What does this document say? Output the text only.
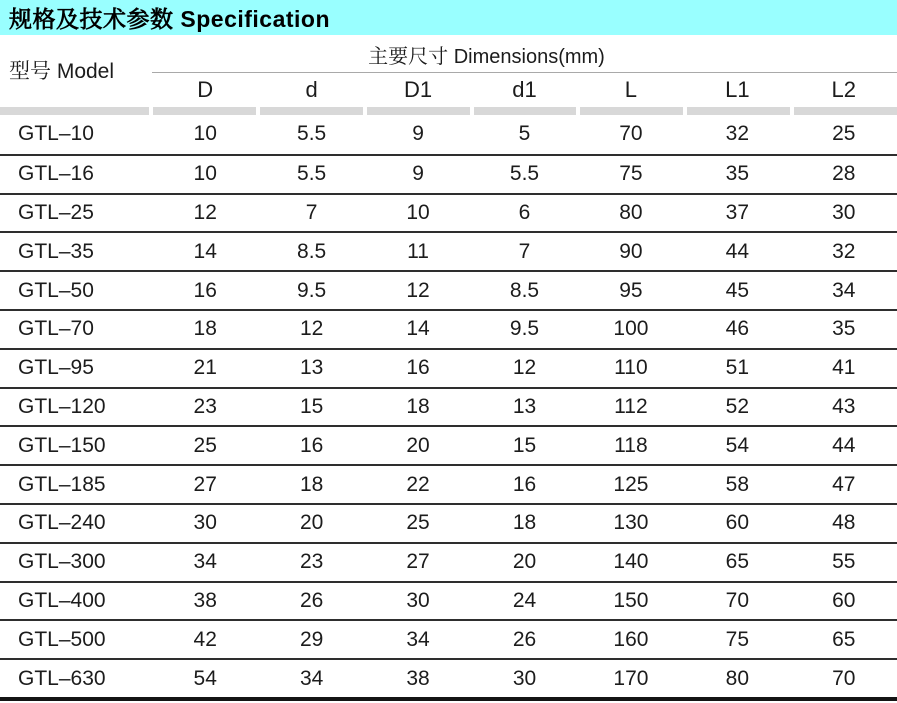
规格及技术参数 Specification
型号 Model
主要尺寸 Dimensions(mm)
D	d	D1	d1	L	L1	L2
GTL–10	10	5.5	9	5	70	32	25
GTL–16	10	5.5	9	5.5	75	35	28
GTL–25	12	7	10	6	80	37	30
GTL–35	14	8.5	11	7	90	44	32
GTL–50	16	9.5	12	8.5	95	45	34
GTL–70	18	12	14	9.5	100	46	35
GTL–95	21	13	16	12	110	51	41
GTL–120	23	15	18	13	112	52	43
GTL–150	25	16	20	15	118	54	44
GTL–185	27	18	22	16	125	58	47
GTL–240	30	20	25	18	130	60	48
GTL–300	34	23	27	20	140	65	55
GTL–400	38	26	30	24	150	70	60
GTL–500	42	29	34	26	160	75	65
GTL–630	54	34	38	30	170	80	70
